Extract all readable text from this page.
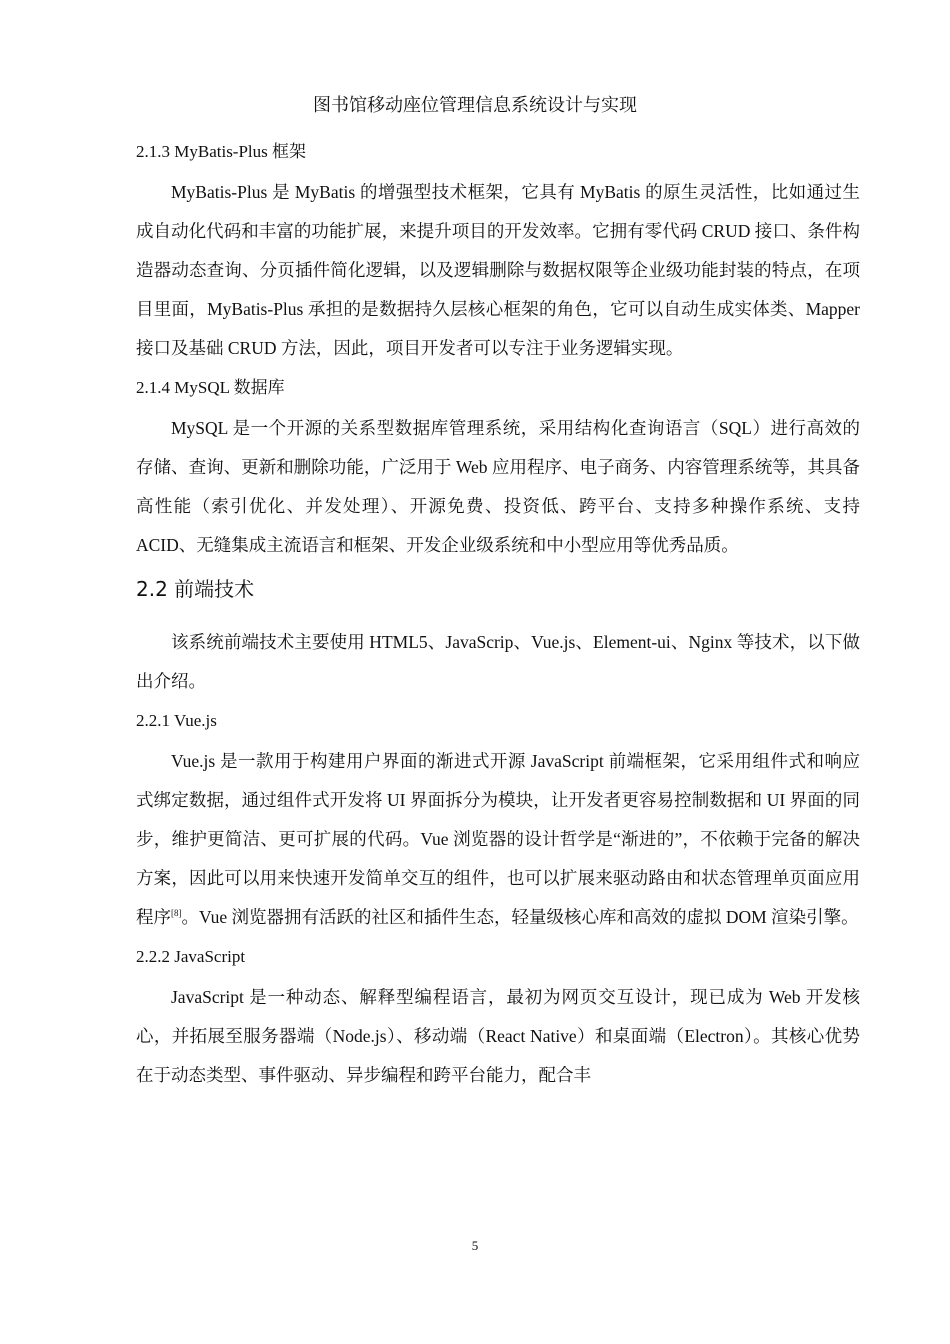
图书馆移动座位管理信息系统设计与实现
2.1.3 MyBatis-Plus 框架

MyBatis-Plus 是 MyBatis 的增强型技术框架，它具有 MyBatis 的原生灵活性，比如通过生成自动化代码和丰富的功能扩展，来提升项目的开发效率。它拥有零代码 CRUD 接口、条件构造器动态查询、分页插件简化逻辑，以及逻辑删除与数据权限等企业级功能封装的特点，在项目里面，MyBatis-Plus 承担的是数据持久层核心框架的角色，它可以自动生成实体类、Mapper 接口及基础 CRUD 方法，因此，项目开发者可以专注于业务逻辑实现。

2.1.4 MySQL 数据库

MySQL 是一个开源的关系型数据库管理系统，采用结构化查询语言（SQL）进行高效的存储、查询、更新和删除功能，广泛用于 Web 应用程序、电子商务、内容管理系统等，其具备高性能（索引优化、并发处理）、开源免费、投资低、跨平台、支持多种操作系统、支持 ACID、无缝集成主流语言和框架、开发企业级系统和中小型应用等优秀品质。

2.2 前端技术

该系统前端技术主要使用 HTML5、JavaScrip、Vue.js、Element-ui、Nginx 等技术，以下做出介绍。

2.2.1 Vue.js

Vue.js 是一款用于构建用户界面的渐进式开源 JavaScript 前端框架，它采用组件式和响应式绑定数据，通过组件式开发将 UI 界面拆分为模块，让开发者更容易控制数据和 UI 界面的同步，维护更简洁、更可扩展的代码。Vue 浏览器的设计哲学是“渐进的”，不依赖于完备的解决方案，因此可以用来快速开发简单交互的组件，也可以扩展来驱动路由和状态管理单页面应用程序[8]。Vue 浏览器拥有活跃的社区和插件生态，轻量级核心库和高效的虚拟 DOM 渲染引擎。

2.2.2 JavaScript

JavaScript 是一种动态、解释型编程语言，最初为网页交互设计，现已成为 Web 开发核心，并拓展至服务器端（Node.js）、移动端（React Native）和桌面端（Electron）。其核心优势在于动态类型、事件驱动、异步编程和跨平台能力，配合丰

5
